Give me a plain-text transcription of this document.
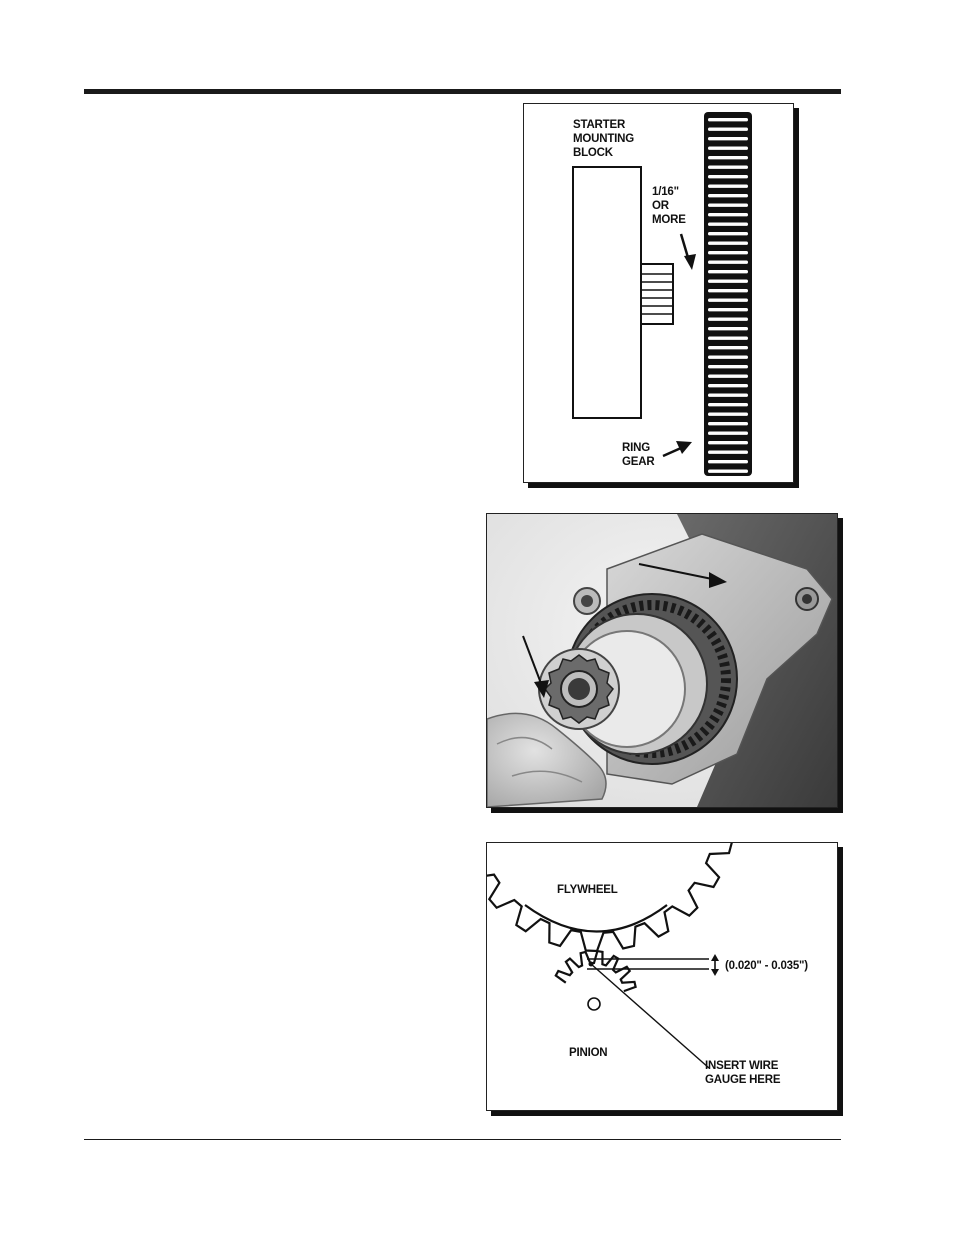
STARTER
MOUNTING
BLOCK
1/16"
OR
MORE
RING
GEAR
FLYWHEEL
(0.020" - 0.035")
PINION
INSERT WIRE
GAUGE HERE
